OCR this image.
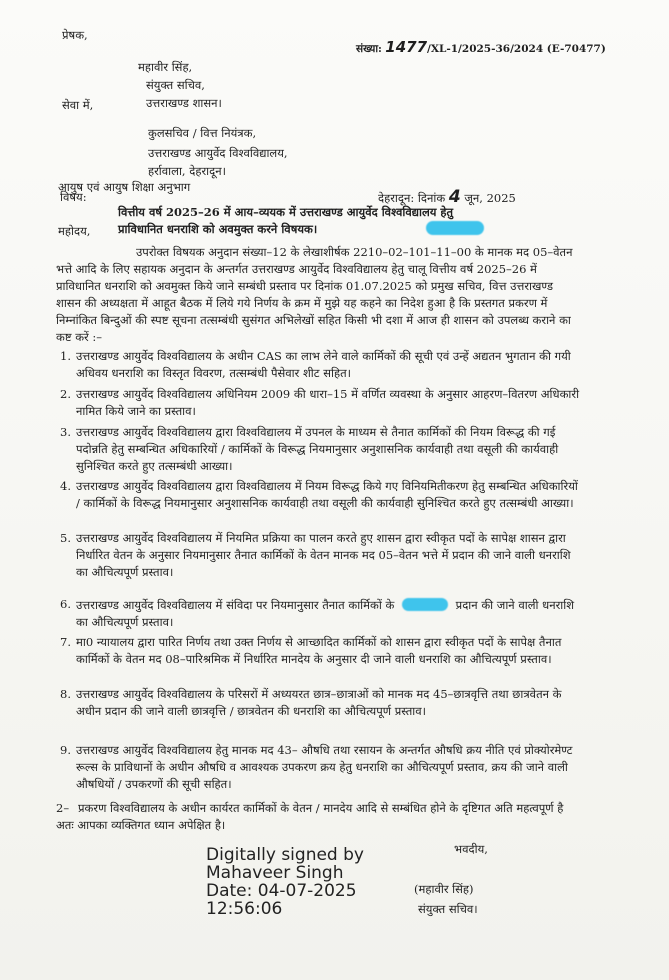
प्रेषक,
महावीर सिंह,
संयुक्त सचिव,
उत्तराखण्ड शासन।
संख्या: 1477/XL-1/2025-36/2024 (E-70477)
सेवा में,
कुलसचिव / वित्त नियंत्रक,
उत्तराखण्ड आयुर्वेद विश्वविद्यालय,
हर्रावाला, देहरादून।
आयुष एवं आयुष शिक्षा अनुभाग
देहरादून: दिनांक 4 जून, 2025
विषय:
वित्तीय वर्ष 2025–26 में आय–व्ययक में उत्तराखण्ड आयुर्वेद विश्वविद्यालय हेतु
प्राविधानित धनराशि को अवमुक्त करने विषयक।
महोदय,
उपरोक्त विषयक अनुदान संख्या–12 के लेखाशीर्षक 2210–02–101–11–00 के मानक मद 05–वेतन भत्ते आदि के लिए सहायक अनुदान के अन्तर्गत उत्तराखण्ड आयुर्वेद विश्वविद्यालय हेतु चालू वित्तीय वर्ष 2025–26 में प्राविधानित धनराशि को अवमुक्त किये जाने सम्बंधी प्रस्ताव पर दिनांक 01.07.2025 को प्रमुख सचिव, वित्त उत्तराखण्ड शासन की अध्यक्षता में आहूत बैठक में लिये गये निर्णय के क्रम में मुझे यह कहने का निदेश हुआ है कि प्रस्तगत प्रकरण में निम्नांकित बिन्दुओं की स्पष्ट सूचना तत्सम्बंधी सुसंगत अभिलेखों सहित किसी भी दशा में आज ही शासन को उपलब्ध कराने का कष्ट करें :–
1. उत्तराखण्ड आयुर्वेद विश्वविद्यालय के अधीन CAS का लाभ लेने वाले कार्मिकों की सूची एवं उन्हें अद्यतन भुगतान की गयी अधिवय धनराशि का विस्तृत विवरण, तत्सम्बंधी पैसेवार शीट सहित।
2. उत्तराखण्ड आयुर्वेद विश्वविद्यालय अधिनियम 2009 की धारा–15 में वर्णित व्यवस्था के अनुसार आहरण–वितरण अधिकारी नामित किये जाने का प्रस्ताव।
3. उत्तराखण्ड आयुर्वेद विश्वविद्यालय द्वारा विश्वविद्यालय में उपनल के माध्यम से तैनात कार्मिकों की नियम विरूद्ध की गई पदोन्नति हेतु सम्बन्धित अधिकारियों / कार्मिकों के विरूद्ध नियमानुसार अनुशासनिक कार्यवाही तथा वसूली की कार्यवाही सुनिश्चित करते हुए तत्सम्बंधी आख्या।
4. उत्तराखण्ड आयुर्वेद विश्वविद्यालय द्वारा विश्वविद्यालय में नियम विरूद्ध किये गए विनियमितीकरण हेतु सम्बन्धित अधिकारियों / कार्मिकों के विरूद्ध नियमानुसार अनुशासनिक कार्यवाही तथा वसूली की कार्यवाही सुनिश्चित करते हुए तत्सम्बंधी आख्या।
5. उत्तराखण्ड आयुर्वेद विश्वविद्यालय में नियमित प्रक्रिया का पालन करते हुए शासन द्वारा स्वीकृत पदों के सापेक्ष शासन द्वारा निर्धारित वेतन के अनुसार नियमानुसार तैनात कार्मिकों के वेतन मानक मद 05–वेतन भत्ते में प्रदान की जाने वाली धनराशि का औचित्यपूर्ण प्रस्ताव।
6. उत्तराखण्ड आयुर्वेद विश्वविद्यालय में संविदा पर नियमानुसार तैनात कार्मिकों के	प्रदान की जाने वाली धनराशि का औचित्यपूर्ण प्रस्ताव।
7. मा0 न्यायालय द्वारा पारित निर्णय तथा उक्त निर्णय से आच्छादित कार्मिकों को शासन द्वारा स्वीकृत पदों के सापेक्ष तैनात कार्मिकों के वेतन मद 08–पारिश्रमिक में निर्धारित मानदेय के अनुसार दी जाने वाली धनराशि का औचित्यपूर्ण प्रस्ताव।
8. उत्तराखण्ड आयुर्वेद विश्वविद्यालय के परिसरों में अध्ययरत छात्र–छात्राओं को मानक मद 45–छात्रवृत्ति तथा छात्रवेतन के अधीन प्रदान की जाने वाली छात्रवृत्ति / छात्रवेतन की धनराशि का औचित्यपूर्ण प्रस्ताव।
9. उत्तराखण्ड आयुर्वेद विश्वविद्यालय हेतु मानक मद 43– औषधि तथा रसायन के अन्तर्गत औषधि क्रय नीति एवं प्रोक्योरमेण्ट रूल्स के प्राविधानों के अधीन औषधि व आवश्यक उपकरण क्रय हेतु धनराशि का औचित्यपूर्ण प्रस्ताव, क्रय की जाने वाली औषधियों / उपकरणों की सूची सहित।
2– प्रकरण विश्वविद्यालय के अधीन कार्यरत कार्मिकों के वेतन / मानदेय आदि से सम्बंधित होने के दृष्टिगत अति महत्वपूर्ण है अतः आपका व्यक्तिगत ध्यान अपेक्षित है।
भवदीय,
(महावीर सिंह)
संयुक्त सचिव।
Digitally signed by
Mahaveer Singh
Date: 04-07-2025
12:56:06
